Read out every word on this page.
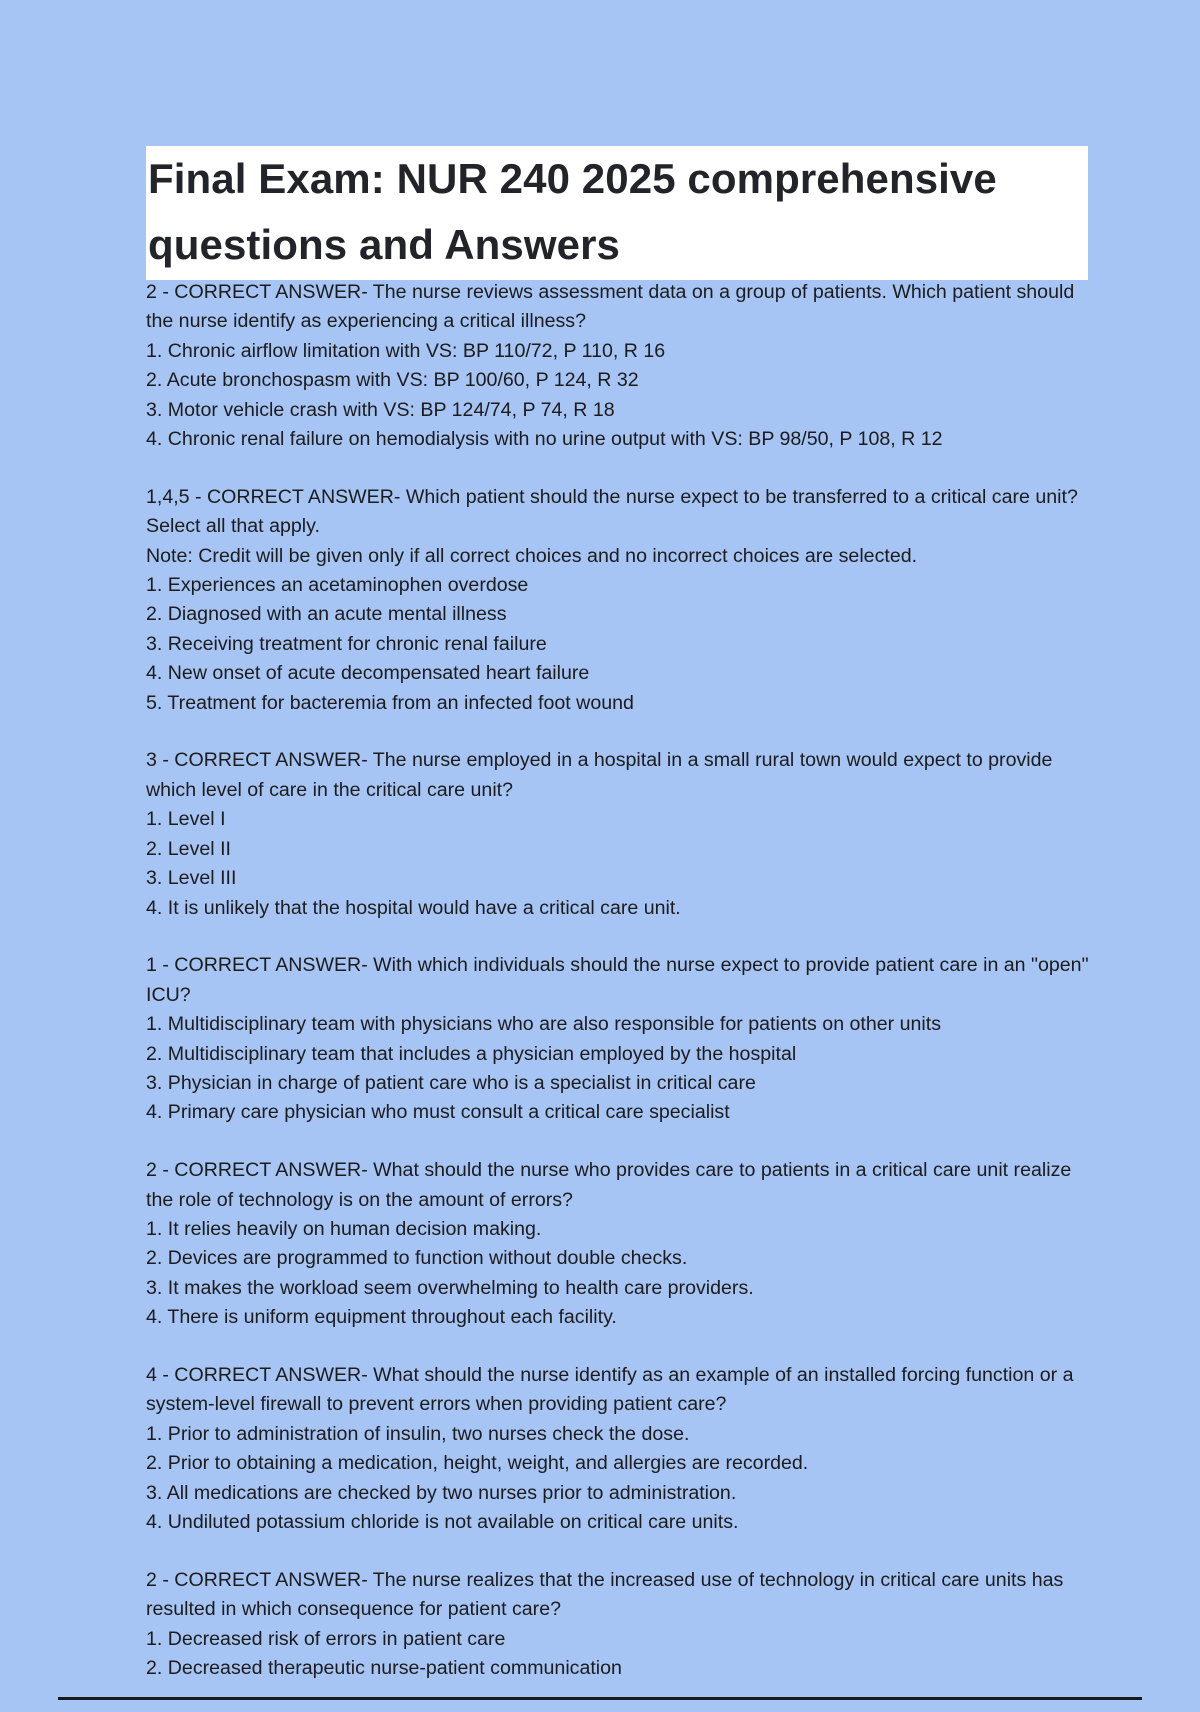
Final Exam: NUR 240 2025 comprehensive questions and Answers

2 - CORRECT ANSWER- The nurse reviews assessment data on a group of patients. Which patient should the nurse identify as experiencing a critical illness?

1. Chronic airflow limitation with VS: BP 110/72, P 110, R 16
2. Acute bronchospasm with VS: BP 100/60, P 124, R 32
3. Motor vehicle crash with VS: BP 124/74, P 74, R 18
4. Chronic renal failure on hemodialysis with no urine output with VS: BP 98/50, P 108, R 12

1,4,5 - CORRECT ANSWER- Which patient should the nurse expect to be transferred to a critical care unit? Select all that apply.

Note: Credit will be given only if all correct choices and no incorrect choices are selected.

1. Experiences an acetaminophen overdose
2. Diagnosed with an acute mental illness
3. Receiving treatment for chronic renal failure
4. New onset of acute decompensated heart failure
5. Treatment for bacteremia from an infected foot wound

3 - CORRECT ANSWER- The nurse employed in a hospital in a small rural town would expect to provide which level of care in the critical care unit?

1. Level I
2. Level II
3. Level III
4. It is unlikely that the hospital would have a critical care unit.

1 - CORRECT ANSWER- With which individuals should the nurse expect to provide patient care in an "open" ICU?

1. Multidisciplinary team with physicians who are also responsible for patients on other units
2. Multidisciplinary team that includes a physician employed by the hospital
3. Physician in charge of patient care who is a specialist in critical care
4. Primary care physician who must consult a critical care specialist

2 - CORRECT ANSWER- What should the nurse who provides care to patients in a critical care unit realize the role of technology is on the amount of errors?

1. It relies heavily on human decision making.
2. Devices are programmed to function without double checks.
3. It makes the workload seem overwhelming to health care providers.
4. There is uniform equipment throughout each facility.

4 - CORRECT ANSWER- What should the nurse identify as an example of an installed forcing function or a system-level firewall to prevent errors when providing patient care?

1. Prior to administration of insulin, two nurses check the dose.
2. Prior to obtaining a medication, height, weight, and allergies are recorded.
3. All medications are checked by two nurses prior to administration.
4. Undiluted potassium chloride is not available on critical care units.

2 - CORRECT ANSWER- The nurse realizes that the increased use of technology in critical care units has resulted in which consequence for patient care?

1. Decreased risk of errors in patient care
2. Decreased therapeutic nurse-patient communication
